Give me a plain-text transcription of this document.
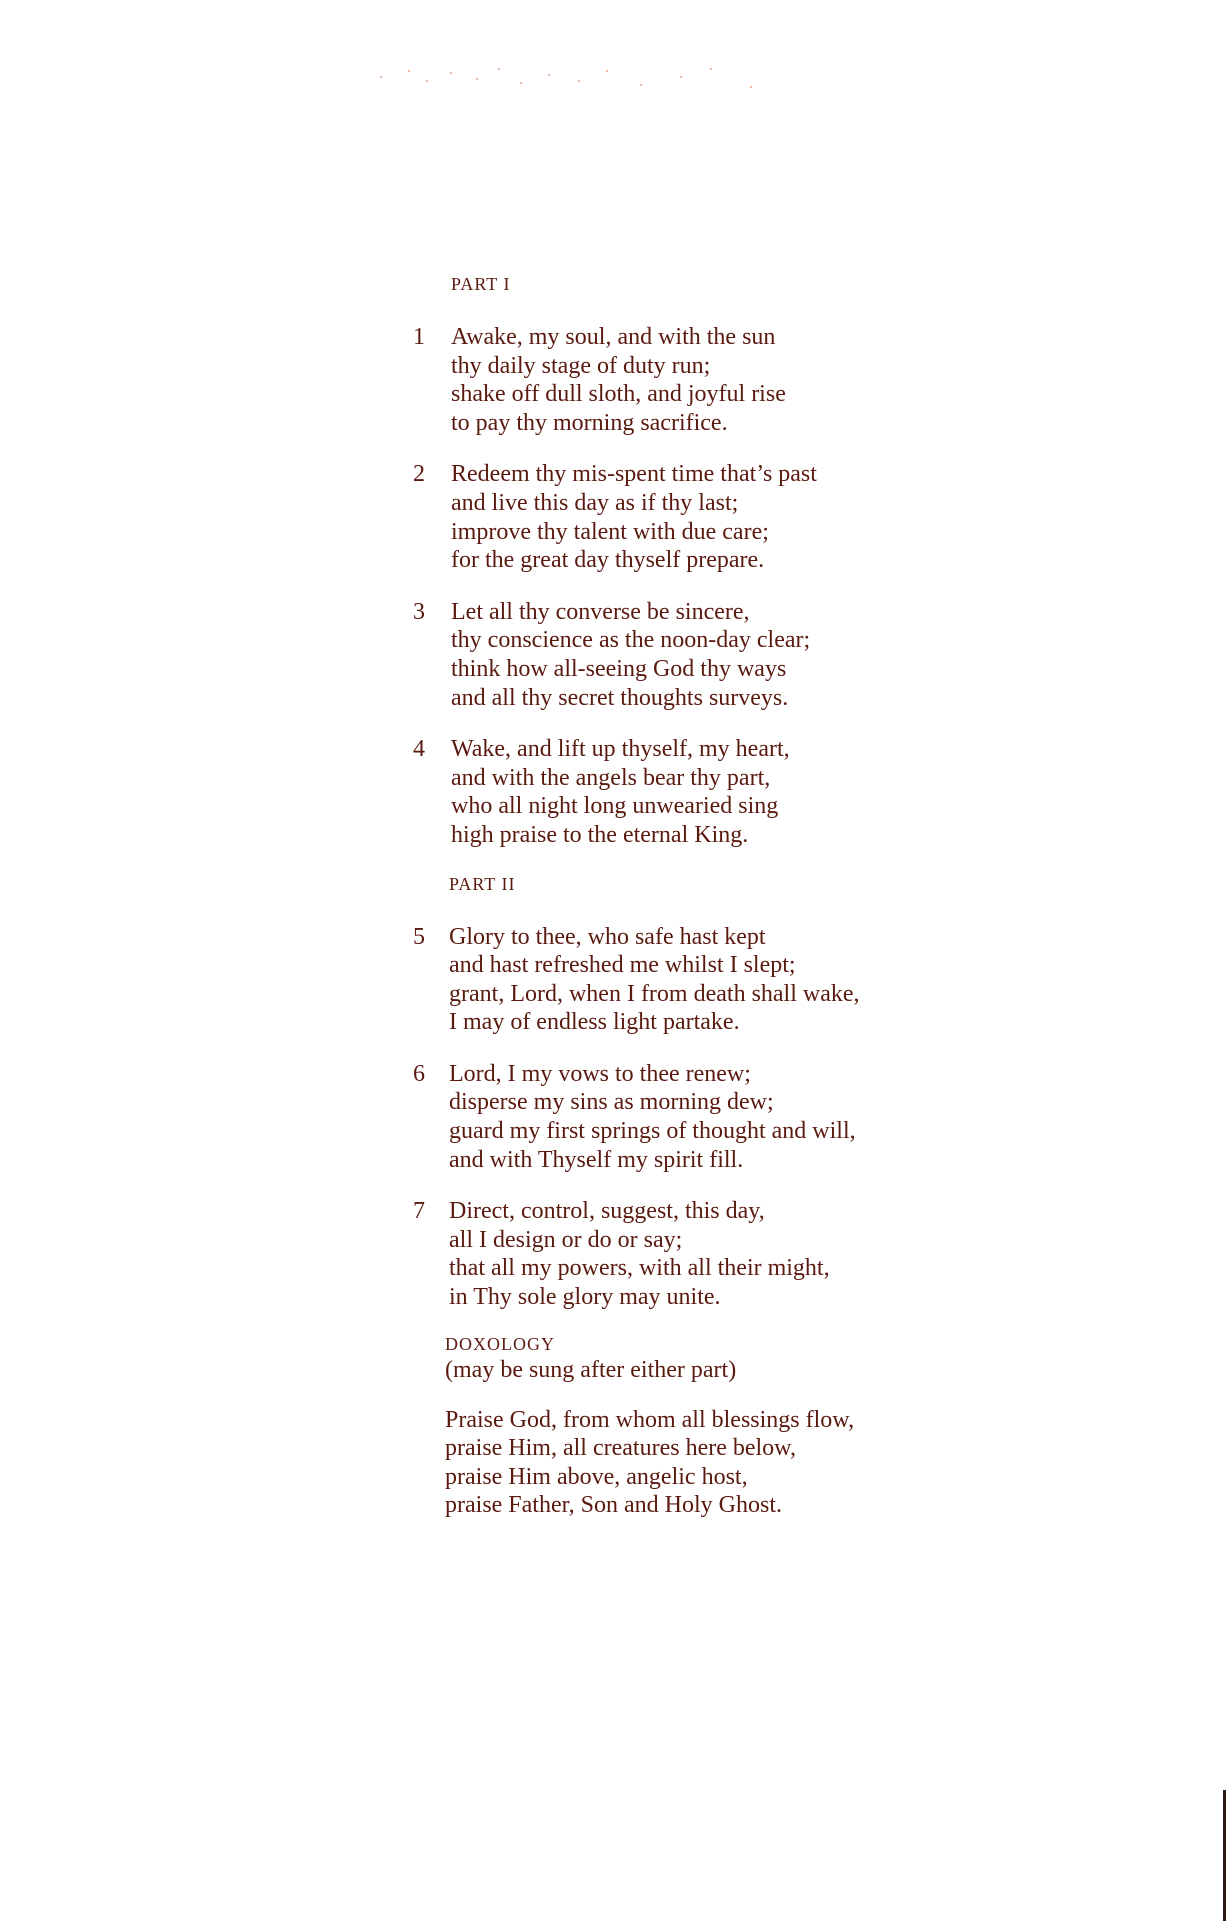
PART I
1	Awake, my soul, and with the sun
thy daily stage of duty run;
shake off dull sloth, and joyful rise
to pay thy morning sacrifice.
2	Redeem thy mis-spent time that’s past
and live this day as if thy last;
improve thy talent with due care;
for the great day thyself prepare.
3	Let all thy converse be sincere,
thy conscience as the noon-day clear;
think how all-seeing God thy ways
and all thy secret thoughts surveys.
4	Wake, and lift up thyself, my heart,
and with the angels bear thy part,
who all night long unwearied sing
high praise to the eternal King.
PART II
5	Glory to thee, who safe hast kept
and hast refreshed me whilst I slept;
grant, Lord, when I from death shall wake,
I may of endless light partake.
6	Lord, I my vows to thee renew;
disperse my sins as morning dew;
guard my first springs of thought and will,
and with Thyself my spirit fill.
7	Direct, control, suggest, this day,
all I design or do or say;
that all my powers, with all their might,
in Thy sole glory may unite.
DOXOLOGY
(may be sung after either part)
Praise God, from whom all blessings flow,
praise Him, all creatures here below,
praise Him above, angelic host,
praise Father, Son and Holy Ghost.
